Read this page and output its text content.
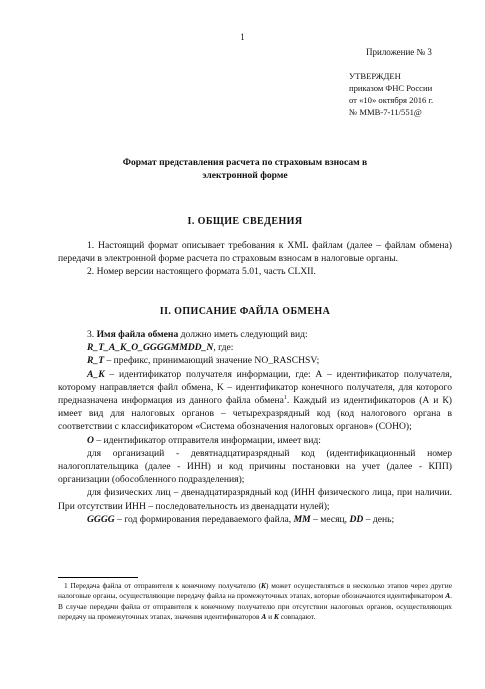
1
Приложение № 3
УТВЕРЖДЕН
приказом ФНС России
от «10» октября 2016 г.
№ ММВ-7-11/551@
Формат представления расчета по страховым взносам в
электронной форме
I. ОБЩИЕ СВЕДЕНИЯ

1. Настоящий формат описывает требования к XML файлам (далее – файлам обмена) передачи в электронной форме расчета по страховым взносам в налоговые органы.

2. Номер версии настоящего формата 5.01, часть CLXII.

II. ОПИСАНИЕ ФАЙЛА ОБМЕНА

3. Имя файла обмена должно иметь следующий вид:

R_T_A_K_O_GGGGMMDD_N, где:

R_T – префикс, принимающий значение NO_RASCHSV;

A_K – идентификатор получателя информации, где: А – идентификатор получателя, которому направляется файл обмена, K – идентификатор конечного получателя, для которого предназначена информация из данного файла обмена$^1$. Каждый из идентификаторов (А и К) имеет вид для налоговых органов – четырехразрядный код (код налогового органа в соответствии с классификатором «Система обозначения налоговых органов» (СОНО);

O – идентификатор отправителя информации, имеет вид:

для организаций - девятнадцатиразрядный код (идентификационный номер налогоплательщика (далее - ИНН) и код причины постановки на учет (далее - КПП) организации (обособленного подразделения);

для физических лиц – двенадцатиразрядный код (ИНН физического лица, при наличии. При отсутствии ИНН – последовательность из двенадцати нулей);

GGGG – год формирования передаваемого файла, MM – месяц, DD – день;

1 Передача файла от отправителя к конечному получателю (K) может осуществляться в несколько этапов через другие налоговые органы, осуществляющие передачу файла на промежуточных этапах, которые обозначаются идентификатором A. В случае передачи файла от отправителя к конечному получателю при отсутствии налоговых органов, осуществляющих передачу на промежуточных этапах, значения идентификаторов A и K совпадают.
